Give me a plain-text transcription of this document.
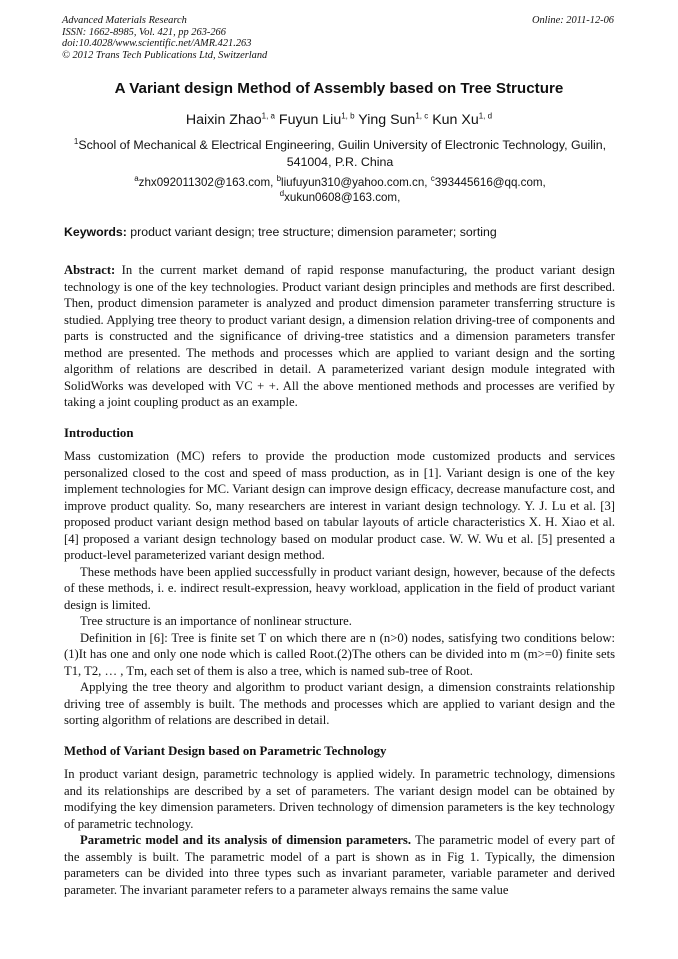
Advanced Materials Research
ISSN: 1662-8985, Vol. 421, pp 263-266
doi:10.4028/www.scientific.net/AMR.421.263
© 2012 Trans Tech Publications Ltd, Switzerland
Online: 2011-12-06
A Variant design Method of Assembly based on Tree Structure
Haixin Zhao$^{1, a}$ Fuyun Liu$^{1, b}$ Ying Sun$^{1, c}$ Kun Xu$^{1, d}$
$^1$School of Mechanical & Electrical Engineering, Guilin University of Electronic Technology, Guilin, 541004, P.R. China
$^a$zhx092011302@163.com, $^b$liufuyun310@yahoo.com.cn, $^c$393445616@qq.com,
$^d$xukun0608@163.com,
Keywords: product variant design; tree structure; dimension parameter; sorting

Abstract: In the current market demand of rapid response manufacturing, the product variant design technology is one of the key technologies. Product variant design principles and methods are first described. Then, product dimension parameter is analyzed and product dimension parameter transferring structure is studied. Applying tree theory to product variant design, a dimension relation driving-tree of components and parts is constructed and the significance of driving-tree statistics and a dimension parameters transfer method are presented. The methods and processes which are applied to variant design and the sorting algorithm of relations are described in detail. A parameterized variant design module integrated with SolidWorks was developed with VC + +. All the above mentioned methods and processes are verified by taking a joint coupling product as an example.

Introduction

Mass customization (MC) refers to provide the production mode customized products and services personalized closed to the cost and speed of mass production, as in [1]. Variant design is one of the key implement technologies for MC. Variant design can improve design efficacy, decrease manufacture cost, and improve product quality. So, many researchers are interest in variant design technology. Y. J. Lu et al. [3] proposed product variant design method based on tabular layouts of article characteristics X. H. Xiao et al. [4] proposed a variant design technology based on modular product case. W. W. Wu et al. [5] presented a product-level parameterized variant design method.

These methods have been applied successfully in product variant design, however, because of the defects of these methods, i. e. indirect result-expression, heavy workload, application in the field of product variant design is limited.

Tree structure is an importance of nonlinear structure.

Definition in [6]: Tree is finite set T on which there are n (n>0) nodes, satisfying two conditions below:(1)It has one and only one node which is called Root.(2)The others can be divided into m (m>=0) finite sets T1, T2, … , Tm, each set of them is also a tree, which is named sub-tree of Root.

Applying the tree theory and algorithm to product variant design, a dimension constraints relationship driving tree of assembly is built. The methods and processes which are applied to variant design and the sorting algorithm of relations are described in detail.

Method of Variant Design based on Parametric Technology

In product variant design, parametric technology is applied widely. In parametric technology, dimensions and its relationships are described by a set of parameters. The variant design model can be obtained by modifying the key dimension parameters. Driven technology of dimension parameters is the key technology of parametric technology.

Parametric model and its analysis of dimension parameters. The parametric model of every part of the assembly is built. The parametric model of a part is shown as in Fig 1. Typically, the dimension parameters can be divided into three types such as invariant parameter, variable parameter and derived parameter. The invariant parameter refers to a parameter always remains the same value
